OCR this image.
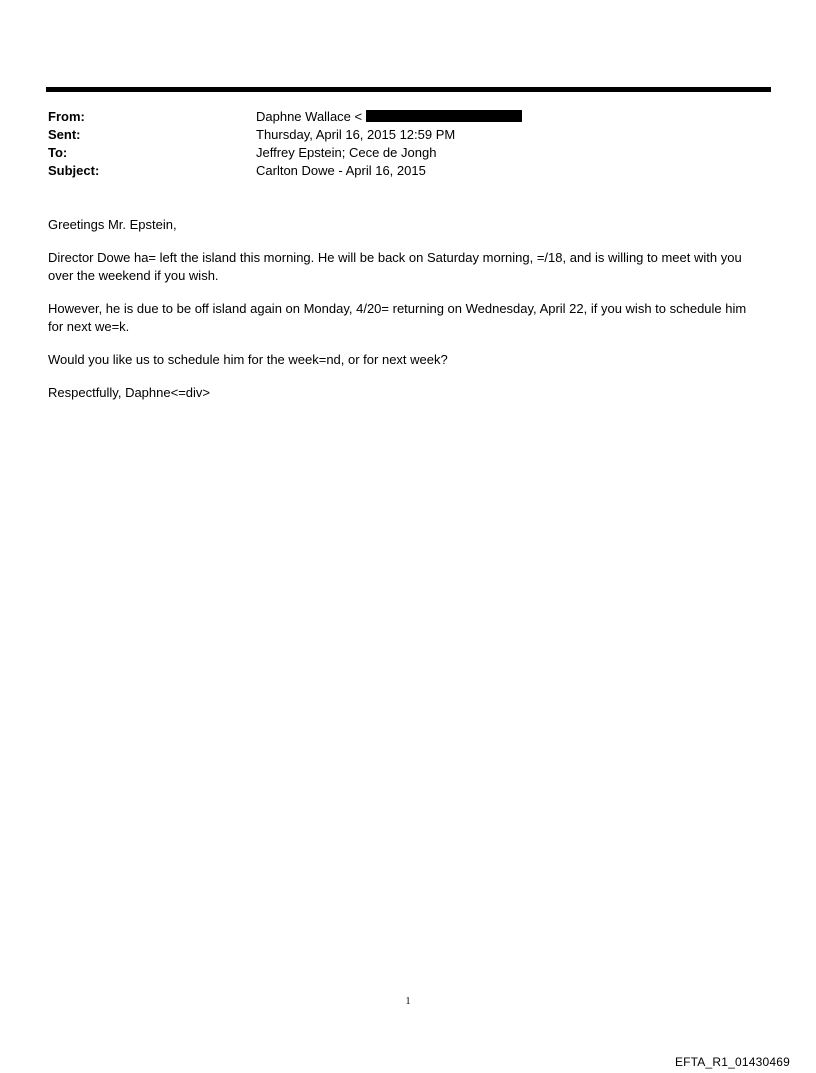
From:	Daphne Wallace <
Sent:	Thursday, April 16, 2015 12:59 PM
To:	Jeffrey Epstein; Cece de Jongh
Subject:	Carlton Dowe - April 16, 2015

Greetings Mr. Epstein,

Director Dowe ha= left the island this morning. He will be back on Saturday morning, =/18, and is willing to meet with you over the weekend if you wish.

However, he is due to be off island again on Monday, 4/20= returning on Wednesday, April 22, if you wish to schedule him for next we=k.

Would you like us to schedule him for the week=nd, or for next week?

Respectfully, Daphne<=div>

1
EFTA_R1_01430469
